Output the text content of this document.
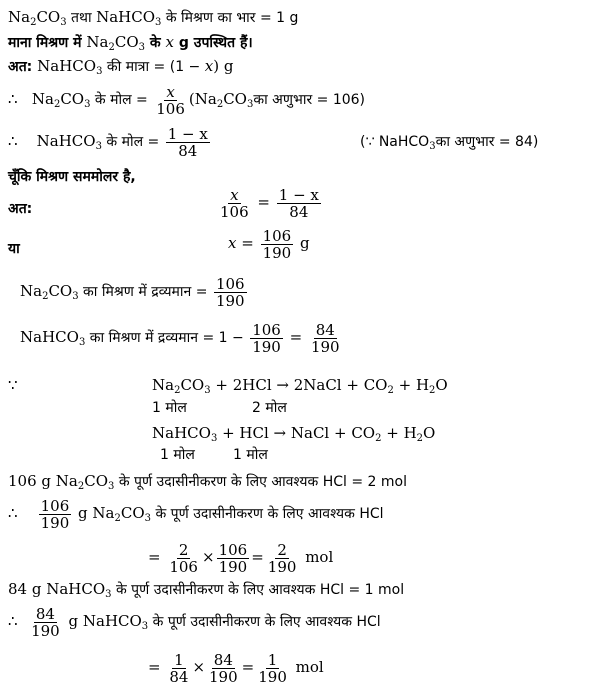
$Na_2CO_3$ तथा NaHCO$_3$ के मिश्रण का भार = 1 g
माना मिश्रण में $Na_2CO_3$ के x g उपस्थित हैं।
अत: NaHCO$_3$ की मात्रा = (1 − x) g
∴ $Na_2CO_3$ के मोल = $\frac{x}{106}$ ($Na_2CO_3का$ अणुभार = 106)
∴ NaHCO$_3$ के मोल = $\frac{1 - x}{84}$	(∵ NaHCO$_3$का अणुभार = 84)
चूँकि मिश्रण सममोलर है,
अत:	$\frac{x}{106} = \frac{1 - x}{84}$
या	$x = \frac{106}{190}$ g
$Na_2CO_3$ का मिश्रण में द्रव्यमान = $\frac{106}{190}$
NaHCO$_3$ का मिश्रण में द्रव्यमान = $1 - \frac{106}{190} = \frac{84}{190}$
∵	$Na_2CO_3 + 2HCl$ → 2NaCl + $CO_2 + H_2O$
1 मोल	2 मोल
NaHCO$_3$ + HCl → NaCl + $CO_2 + H_2O$
1 मोल	1 मोल
106 g $Na_2CO_3$ के पूर्ण उदासीनीकरण के लिए आवश्यक HCl = 2 mol
∴ $\frac{106}{190}$ g $Na_2CO_3$ के पूर्ण उदासीनीकरण के लिए आवश्यक HCl
= $\frac{2}{106} \times \frac{106}{190} = \frac{2}{190}$ mol
84 g NaHCO$_3$ के पूर्ण उदासीनीकरण के लिए आवश्यक HCl = 1 mol
∴ $\frac{84}{190}$ g NaHCO$_3$ के पूर्ण उदासीनीकरण के लिए आवश्यक HCl
= $\frac{1}{84} \times \frac{84}{190} = \frac{1}{190}$ mol
